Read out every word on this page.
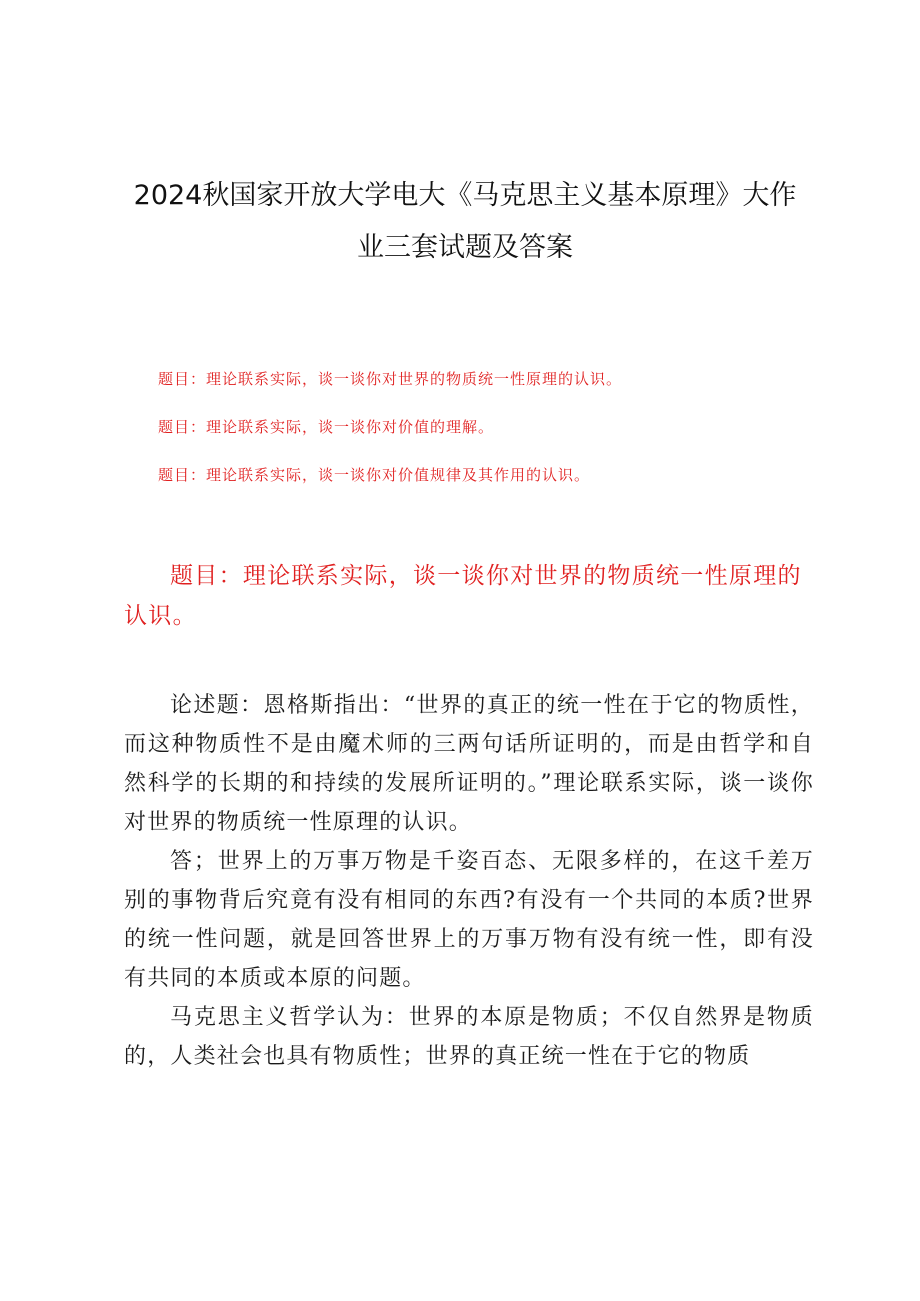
2024秋国家开放大学电大《马克思主义基本原理》大作
业三套试题及答案
题目：理论联系实际，谈一谈你对世界的物质统一性原理的认识。
题目：理论联系实际，谈一谈你对价值的理解。
题目：理论联系实际，谈一谈你对价值规律及其作用的认识。
题目：理论联系实际，谈一谈你对世界的物质统一性原理的认识。

论述题：恩格斯指出：“世界的真正的统一性在于它的物质性，而这种物质性不是由魔术师的三两句话所证明的，而是由哲学和自然科学的长期的和持续的发展所证明的。”理论联系实际，谈一谈你对世界的物质统一性原理的认识。

答；世界上的万事万物是千姿百态、无限多样的，在这千差万别的事物背后究竟有没有相同的东西?有没有一个共同的本质?世界的统一性问题，就是回答世界上的万事万物有没有统一性，即有没有共同的本质或本原的问题。

马克思主义哲学认为：世界的本原是物质；不仅自然界是物质的，人类社会也具有物质性；世界的真正统一性在于它的物质
